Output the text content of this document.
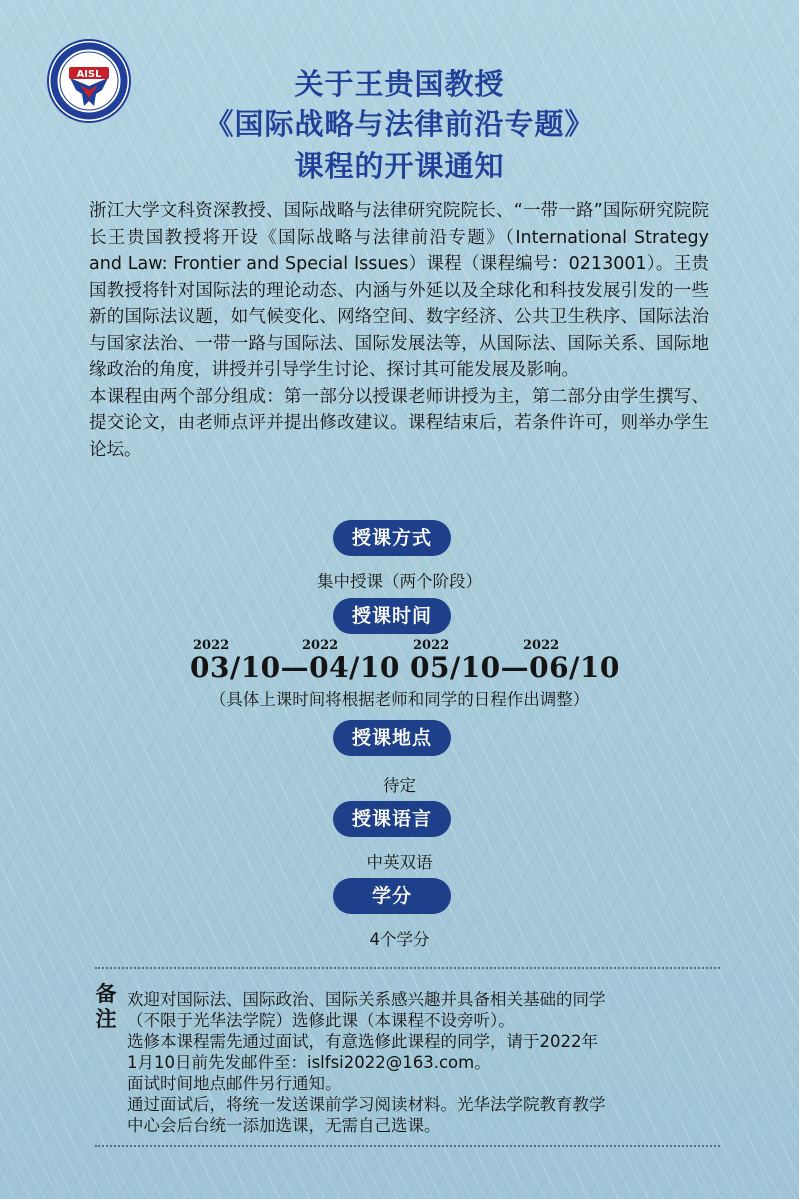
AISL	关于王贵国教授
《国际战略与法律前沿专题》
课程的开课通知

浙江大学文科资深教授、国际战略与法律研究院院长、“一带一路”国际研究院院长王贵国教授将开设《国际战略与法律前沿专题》（International Strategy and Law: Frontier and Special Issues）课程（课程编号：0213001）。王贵国教授将针对国际法的理论动态、内涵与外延以及全球化和科技发展引发的一些新的国际法议题，如气候变化、网络空间、数字经济、公共卫生秩序、国际法治与国家法治、一带一路与国际法、国际发展法等，从国际法、国际关系、国际地缘政治的角度，讲授并引导学生讨论、探讨其可能发展及影响。

本课程由两个部分组成：第一部分以授课老师讲授为主，第二部分由学生撰写、提交论文，由老师点评并提出修改建议。课程结束后，若条件许可，则举办学生论坛。

授课方式
集中授课（两个阶段）
授课时间
2022	2022	2022	2022
03/10—04/10 05/10—06/10
（具体上课时间将根据老师和同学的日程作出调整）
授课地点
待定
授课语言
中英双语
学分
4个学分
备
注
欢迎对国际法、国际政治、国际关系感兴趣并具备相关基础的同学
（不限于光华法学院）选修此课（本课程不设旁听）。
选修本课程需先通过面试，有意选修此课程的同学，请于2022年
1月10日前先发邮件至：islfsi2022@163.com。
面试时间地点邮件另行通知。
通过面试后，将统一发送课前学习阅读材料。光华法学院教育教学
中心会后台统一添加选课，无需自己选课。
